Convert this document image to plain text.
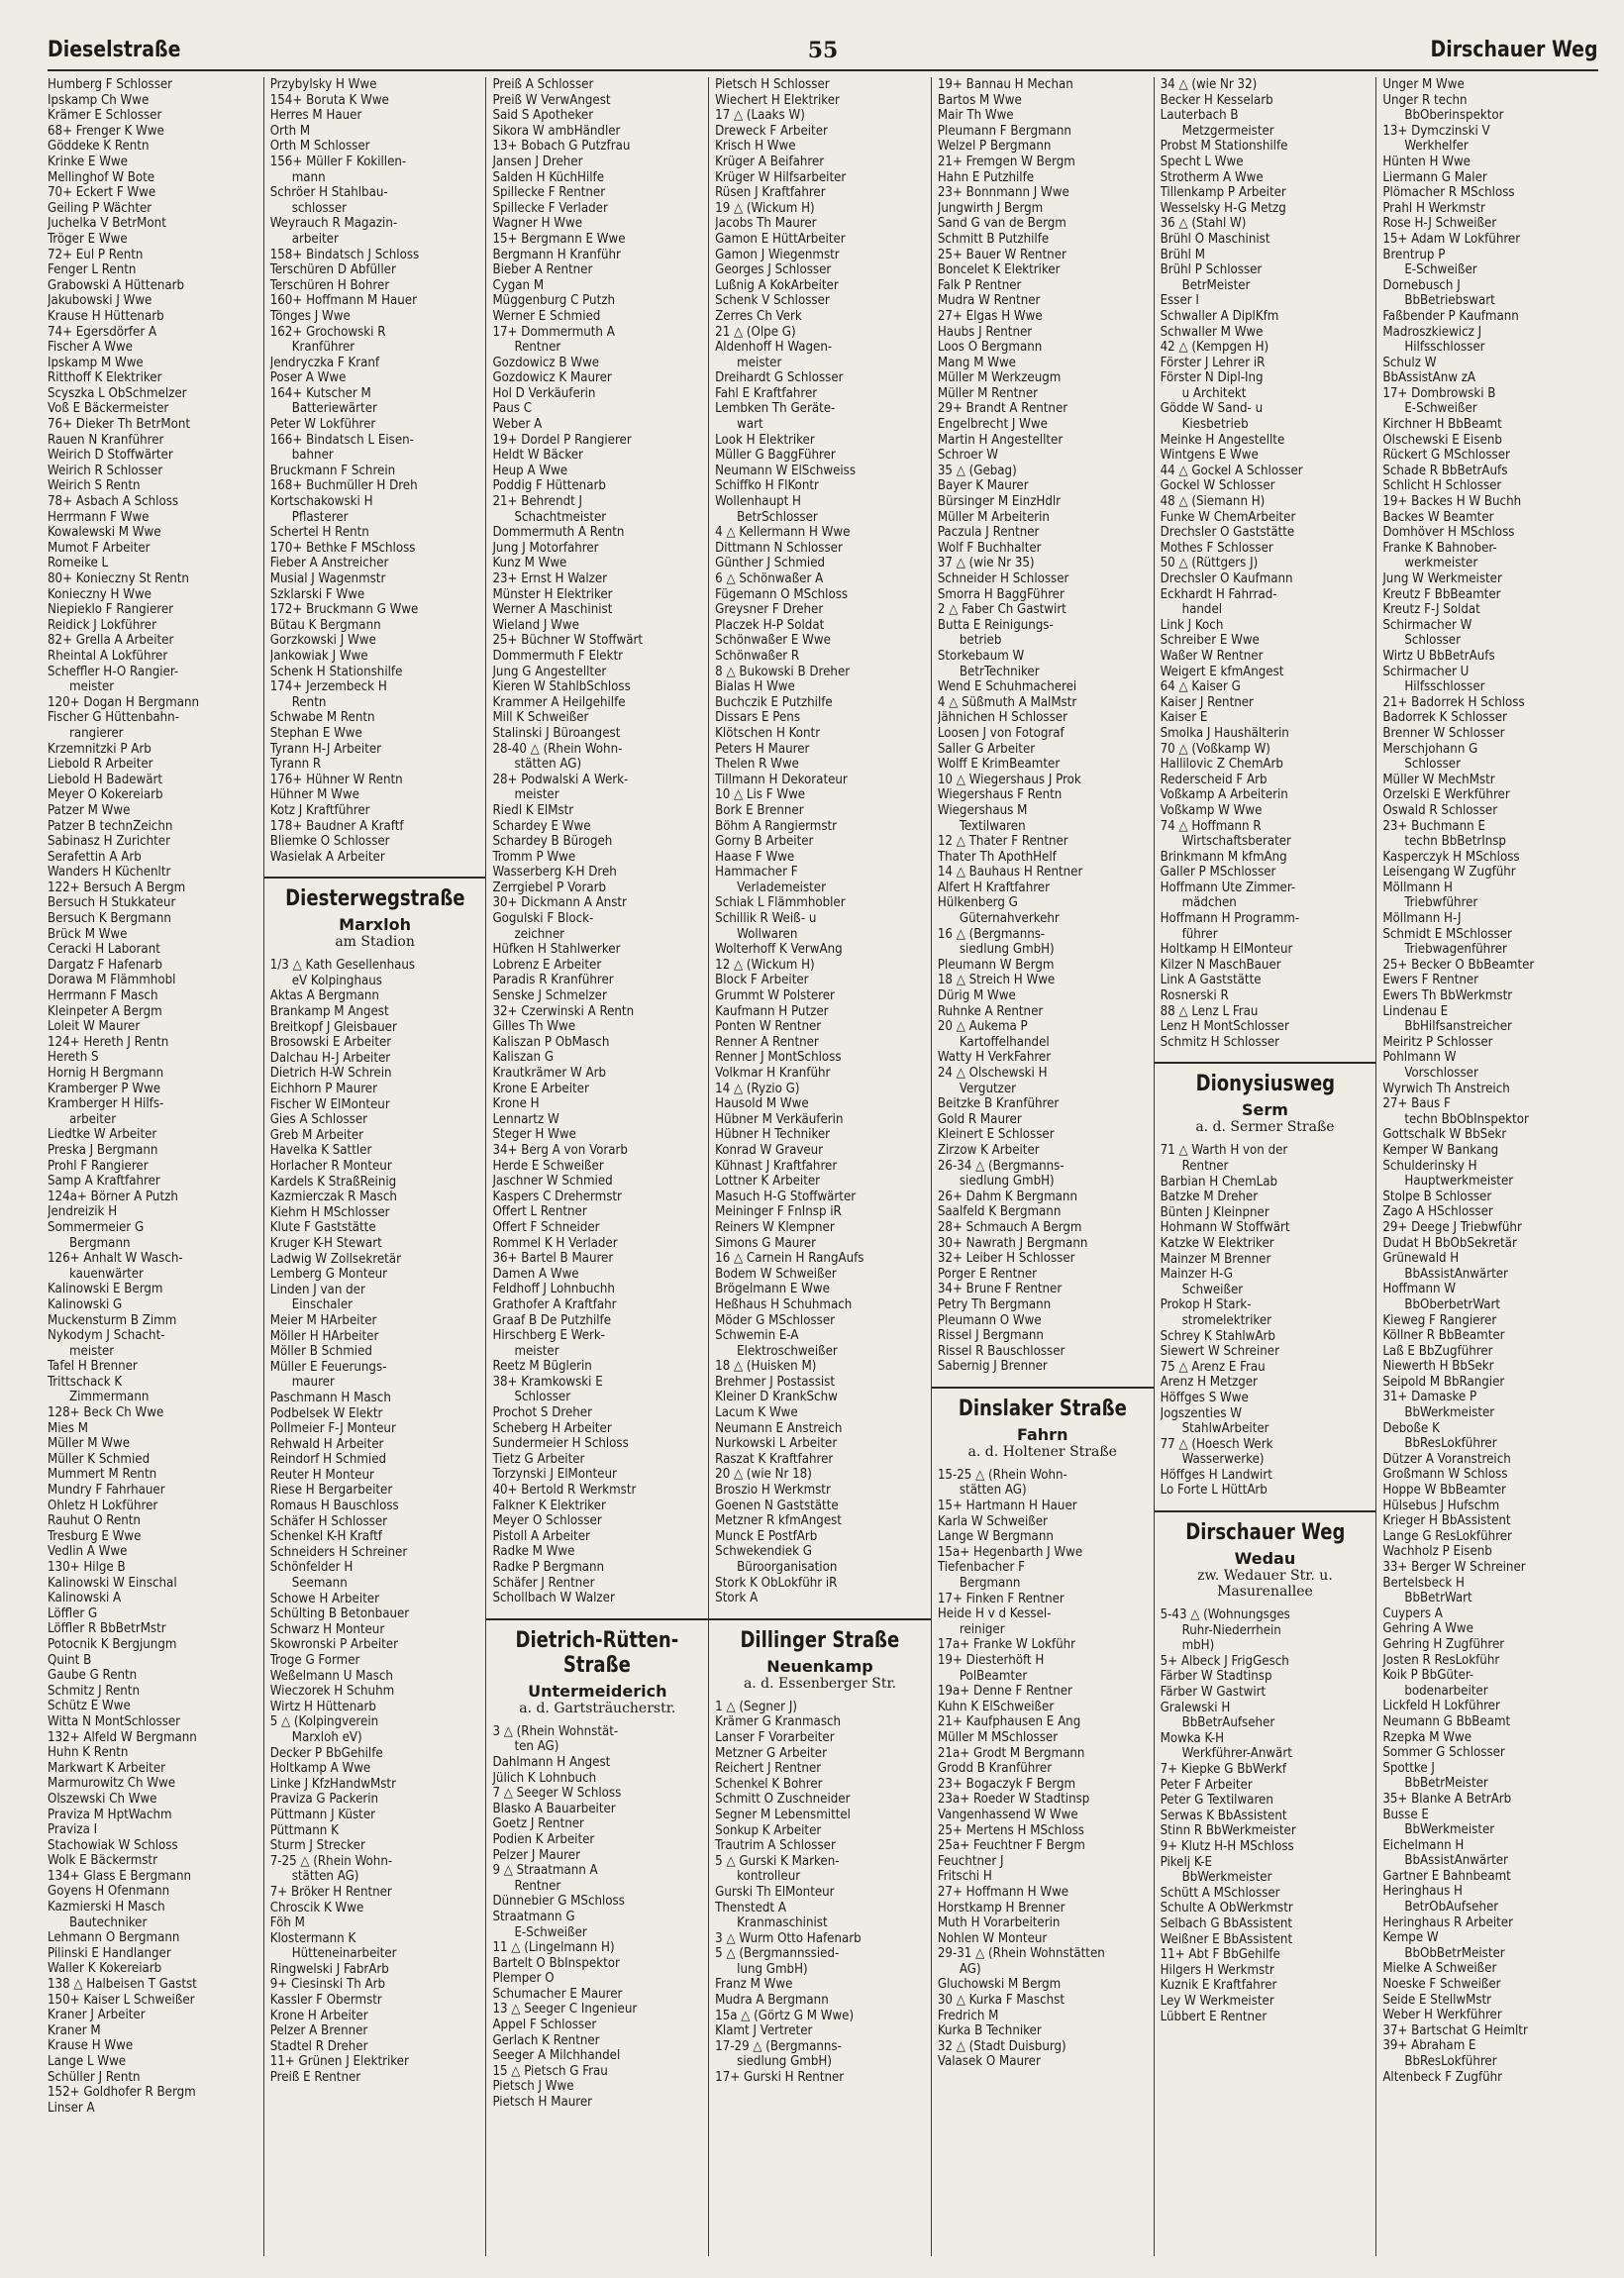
Dieselstraße	55	Dirschauer Weg
Humberg F Schlosser
Ipskamp Ch Wwe
Krämer E Schlosser
68+ Frenger K Wwe
Göddeke K Rentn
Krinke E Wwe
Mellinghof W Bote
70+ Eckert F Wwe
Geiling P Wächter
Juchelka V BetrMont
Tröger E Wwe
72+ Eul P Rentn
Fenger L Rentn
Grabowski A Hüttenarb
Jakubowski J Wwe
Krause H Hüttenarb
74+ Egersdörfer A
Fischer A Wwe
Ipskamp M Wwe
Ritthoff K Elektriker
Scyszka L ObSchmelzer
Voß E Bäckermeister
76+ Dieker Th BetrMont
Rauen N Kranführer
Weirich D Stoffwärter
Weirich R Schlosser
Weirich S Rentn
78+ Asbach A Schloss
Herrmann F Wwe
Kowalewski M Wwe
Mumot F Arbeiter
Romeike L
80+ Konieczny St Rentn
Konieczny H Wwe
Niepieklo F Rangierer
Reidick J Lokführer
82+ Grella A Arbeiter
Rheintal A Lokführer
Scheffler H-O Rangier-
meister
120+ Dogan H Bergmann
Fischer G Hüttenbahn-
rangierer
Krzemnitzki P Arb
Liebold R Arbeiter
Liebold H Badewärt
Meyer O Kokereiarb
Patzer M Wwe
Patzer B technZeichn
Sabinasz H Zurichter
Serafettin A Arb
Wanders H Küchenltr
122+ Bersuch A Bergm
Bersuch H Stukkateur
Bersuch K Bergmann
Brück M Wwe
Ceracki H Laborant
Dargatz F Hafenarb
Dorawa M Flämmhobl
Herrmann F Masch
Kleinpeter A Bergm
Loleit W Maurer
124+ Hereth J Rentn
Hereth S
Hornig H Bergmann
Kramberger P Wwe
Kramberger H Hilfs-
arbeiter
Liedtke W Arbeiter
Preska J Bergmann
Prohl F Rangierer
Samp A Kraftfahrer
124a+ Börner A Putzh
Jendreizik H
Sommermeier G
Bergmann
126+ Anhalt W Wasch-
kauenwärter
Kalinowski E Bergm
Kalinowski G
Muckensturm B Zimm
Nykodym J Schacht-
meister
Tafel H Brenner
Trittschack K
Zimmermann
128+ Beck Ch Wwe
Mies M
Müller M Wwe
Müller K Schmied
Mummert M Rentn
Mundry F Fahrhauer
Ohletz H Lokführer
Rauhut O Rentn
Tresburg E Wwe
Vedlin A Wwe
130+ Hilge B
Kalinowski W Einschal
Kalinowski A
Löffler G
Löffler R BbBetrMstr
Potocnik K Bergjungm
Quint B
Gaube G Rentn
Schmitz J Rentn
Schütz E Wwe
Witta N MontSchlosser
132+ Alfeld W Bergmann
Huhn K Rentn
Markwart K Arbeiter
Marmurowitz Ch Wwe
Olszewski Ch Wwe
Praviza M HptWachm
Praviza I
Stachowiak W Schloss
Wolk E Bäckermstr
134+ Glass E Bergmann
Goyens H Ofenmann
Kazmierski H Masch
Bautechniker
Lehmann O Bergmann
Pilinski E Handlanger
Waller K Kokereiarb
138 △ Halbeisen T Gastst
150+ Kaiser L Schweißer
Kraner J Arbeiter
Kraner M
Krause H Wwe
Lange L Wwe
Schüller J Rentn
152+ Goldhofer R Bergm
Linser A
Przybylsky H Wwe
154+ Boruta K Wwe
Herres M Hauer
Orth M
Orth M Schlosser
156+ Müller F Kokillen-
mann
Schröer H Stahlbau-
schlosser
Weyrauch R Magazin-
arbeiter
158+ Bindatsch J Schloss
Terschüren D Abfüller
Terschüren H Bohrer
160+ Hoffmann M Hauer
Tönges J Wwe
162+ Grochowski R
Kranführer
Jendryczka F Kranf
Poser A Wwe
164+ Kutscher M
Batteriewärter
Peter W Lokführer
166+ Bindatsch L Eisen-
bahner
Bruckmann F Schrein
168+ Buchmüller H Dreh
Kortschakowski H
Pflasterer
Schertel H Rentn
170+ Bethke F MSchloss
Fieber A Anstreicher
Musial J Wagenmstr
Szklarski F Wwe
172+ Bruckmann G Wwe
Bütau K Bergmann
Gorzkowski J Wwe
Jankowiak J Wwe
Schenk H Stationshilfe
174+ Jerzembeck H
Rentn
Schwabe M Rentn
Stephan E Wwe
Tyrann H-J Arbeiter
Tyrann R
176+ Hühner W Rentn
Hühner M Wwe
Kotz J Kraftführer
178+ Baudner A Kraftf
Bliemke O Schlosser
Wasielak A Arbeiter
Diesterwegstraße
Marxloh
am Stadion
1/3 △ Kath Gesellenhaus
eV Kolpinghaus
Aktas A Bergmann
Brankamp M Angest
Breitkopf J Gleisbauer
Brosowski E Arbeiter
Dalchau H-J Arbeiter
Dietrich H-W Schrein
Eichhorn P Maurer
Fischer W ElMonteur
Gies A Schlosser
Greb M Arbeiter
Havelka K Sattler
Horlacher R Monteur
Kardels K StraßReinig
Kazmierczak R Masch
Kiehm H MSchlosser
Klute F Gaststätte
Kruger K-H Stewart
Ladwig W Zollsekretär
Lemberg G Monteur
Linden J van der
Einschaler
Meier M HArbeiter
Möller H HArbeiter
Möller B Schmied
Müller E Feuerungs-
maurer
Paschmann H Masch
Podbelsek W Elektr
Pollmeier F-J Monteur
Rehwald H Arbeiter
Reindorf H Schmied
Reuter H Monteur
Riese H Bergarbeiter
Romaus H Bauschloss
Schäfer H Schlosser
Schenkel K-H Kraftf
Schneiders H Schreiner
Schönfelder H
Seemann
Schowe H Arbeiter
Schülting B Betonbauer
Schwarz H Monteur
Skowronski P Arbeiter
Troge G Former
Weßelmann U Masch
Wieczorek H Schuhm
Wirtz H Hüttenarb
5 △ (Kolpingverein
Marxloh eV)
Decker P BbGehilfe
Holtkamp A Wwe
Linke J KfzHandwMstr
Praviza G Packerin
Püttmann J Küster
Püttmann K
Sturm J Strecker
7-25 △ (Rhein Wohn-
stätten AG)
7+ Bröker H Rentner
Chroscik K Wwe
Föh M
Klostermann K
Hütteneinarbeiter
Ringwelski J FabrArb
9+ Ciesinski Th Arb
Kassler F Obermstr
Krone H Arbeiter
Pelzer A Brenner
Stadtel R Dreher
11+ Grünen J Elektriker
Preiß E Rentner
Preiß A Schlosser
Preiß W VerwAngest
Said S Apotheker
Sikora W ambHändler
13+ Bobach G Putzfrau
Jansen J Dreher
Salden H KüchHilfe
Spillecke F Rentner
Spillecke F Verlader
Wagner H Wwe
15+ Bergmann E Wwe
Bergmann H Kranführ
Bieber A Rentner
Cygan M
Müggenburg C Putzh
Werner E Schmied
17+ Dommermuth A
Rentner
Gozdowicz B Wwe
Gozdowicz K Maurer
Hol D Verkäuferin
Paus C
Weber A
19+ Dordel P Rangierer
Heldt W Bäcker
Heup A Wwe
Poddig F Hüttenarb
21+ Behrendt J
Schachtmeister
Dommermuth A Rentn
Jung J Motorfahrer
Kunz M Wwe
23+ Ernst H Walzer
Münster H Elektriker
Werner A Maschinist
Wieland J Wwe
25+ Büchner W Stoffwärt
Dommermuth F Elektr
Jung G Angestellter
Kieren W StahlbSchloss
Krammer A Heilgehilfe
Mill K Schweißer
Stalinski J Büroangest
28-40 △ (Rhein Wohn-
stätten AG)
28+ Podwalski A Werk-
meister
Riedl K ElMstr
Schardey E Wwe
Schardey B Bürogeh
Tromm P Wwe
Wasserberg K-H Dreh
Zerrgiebel P Vorarb
30+ Dickmann A Anstr
Gogulski F Block-
zeichner
Hüfken H Stahlwerker
Lobrenz E Arbeiter
Paradis R Kranführer
Senske J Schmelzer
32+ Czerwinski A Rentn
Gilles Th Wwe
Kaliszan P ObMasch
Kaliszan G
Krautkrämer W Arb
Krone E Arbeiter
Krone H
Lennartz W
Steger H Wwe
34+ Berg A von Vorarb
Herde E Schweißer
Jaschner W Schmied
Kaspers C Drehermstr
Offert L Rentner
Offert F Schneider
Rommel K H Verlader
36+ Bartel B Maurer
Damen A Wwe
Feldhoff J Lohnbuchh
Grathofer A Kraftfahr
Graaf B De Putzhilfe
Hirschberg E Werk-
meister
Reetz M Büglerin
38+ Kramkowski E
Schlosser
Prochot S Dreher
Scheberg H Arbeiter
Sundermeier H Schloss
Tietz G Arbeiter
Torzynski J ElMonteur
40+ Bertold R Werkmstr
Falkner K Elektriker
Meyer O Schlosser
Pistoll A Arbeiter
Radke M Wwe
Radke P Bergmann
Schäfer J Rentner
Schollbach W Walzer
Dietrich-Rütten-Straße
Untermeiderich
a. d. Gartsträucherstr.
3 △ (Rhein Wohnstät-
ten AG)
Dahlmann H Angest
Jülich K Lohnbuch
7 △ Seeger W Schloss
Blasko A Bauarbeiter
Goetz J Rentner
Podien K Arbeiter
Pelzer J Maurer
9 △ Straatmann A
Rentner
Dünnebier G MSchloss
Straatmann G
E-Schweißer
11 △ (Lingelmann H)
Bartelt O BbInspektor
Plemper O
Schumacher E Maurer
13 △ Seeger C Ingenieur
Appel F Schlosser
Gerlach K Rentner
Seeger A Milchhandel
15 △ Pietsch G Frau
Pietsch J Wwe
Pietsch H Maurer
Pietsch H Schlosser
Wiechert H Elektriker
17 △ (Laaks W)
Dreweck F Arbeiter
Krisch H Wwe
Krüger A Beifahrer
Krüger W Hilfsarbeiter
Rüsen J Kraftfahrer
19 △ (Wickum H)
Jacobs Th Maurer
Gamon E HüttArbeiter
Gamon J Wiegenmstr
Georges J Schlosser
Lußnig A KokArbeiter
Schenk V Schlosser
Zerres Ch Verk
21 △ (Olpe G)
Aldenhoff H Wagen-
meister
Dreihardt G Schlosser
Fahl E Kraftfahrer
Lembken Th Geräte-
wart
Look H Elektriker
Müller G BaggFührer
Neumann W ElSchweiss
Schiffko H FlKontr
Wollenhaupt H
BetrSchlosser
4 △ Kellermann H Wwe
Dittmann N Schlosser
Günther J Schmied
6 △ Schönwaßer A
Fügemann O MSchloss
Greysner F Dreher
Placzek H-P Soldat
Schönwaßer E Wwe
Schönwaßer R
8 △ Bukowski B Dreher
Bialas H Wwe
Buchczik E Putzhilfe
Dissars E Pens
Klötschen H Kontr
Peters H Maurer
Thelen R Wwe
Tillmann H Dekorateur
10 △ Lis F Wwe
Bork E Brenner
Böhm A Rangiermstr
Gorny B Arbeiter
Haase F Wwe
Hammacher F
Verlademeister
Schiak L Flämmhobler
Schillik R Weiß- u
Wollwaren
Wolterhoff K VerwAng
12 △ (Wickum H)
Block F Arbeiter
Grummt W Polsterer
Kaufmann H Putzer
Ponten W Rentner
Renner A Rentner
Renner J MontSchloss
Volkmar H Kranführ
14 △ (Ryzio G)
Hausold M Wwe
Hübner M Verkäuferin
Hübner H Techniker
Konrad W Graveur
Kühnast J Kraftfahrer
Lottner K Arbeiter
Masuch H-G Stoffwärter
Meininger F FnInsp iR
Reiners W Klempner
Simons G Maurer
16 △ Carnein H RangAufs
Bodem W Schweißer
Brögelmann E Wwe
Heßhaus H Schuhmach
Möder G MSchlosser
Schwemin E-A
Elektroschweißer
18 △ (Huisken M)
Brehmer J Postassist
Kleiner D KrankSchw
Lacum K Wwe
Neumann E Anstreich
Nurkowski L Arbeiter
Raszat K Kraftfahrer
20 △ (wie Nr 18)
Broszio H Werkmstr
Goenen N Gaststätte
Metzner R kfmAngest
Munck E PostfArb
Schwekendiek G
Büroorganisation
Stork K ObLokführ iR
Stork A
Dillinger Straße
Neuenkamp
a. d. Essenberger Str.
1 △ (Segner J)
Krämer G Kranmasch
Lanser F Vorarbeiter
Metzner G Arbeiter
Reichert J Rentner
Schenkel K Bohrer
Schmitt O Zuschneider
Segner M Lebensmittel
Sonkup K Arbeiter
Trautrim A Schlosser
5 △ Gurski K Marken-
kontrolleur
Gurski Th ElMonteur
Thenstedt A
Kranmaschinist
3 △ Wurm Otto Hafenarb
5 △ (Bergmannssied-
lung GmbH)
Franz M Wwe
Mudra A Bergmann
15a △ (Görtz G M Wwe)
Klamt J Vertreter
17-29 △ (Bergmanns-
siedlung GmbH)
17+ Gurski H Rentner
19+ Bannau H Mechan
Bartos M Wwe
Mair Th Wwe
Pleumann F Bergmann
Welzel P Bergmann
21+ Fremgen W Bergm
Hahn E Putzhilfe
23+ Bonnmann J Wwe
Jungwirth J Bergm
Sand G van de Bergm
Schmitt B Putzhilfe
25+ Bauer W Rentner
Boncelet K Elektriker
Falk P Rentner
Mudra W Rentner
27+ Elgas H Wwe
Haubs J Rentner
Loos O Bergmann
Mang M Wwe
Müller M Werkzeugm
Müller M Rentner
29+ Brandt A Rentner
Engelbrecht J Wwe
Martin H Angestellter
Schroer W
35 △ (Gebag)
Bayer K Maurer
Bürsinger M EinzHdlr
Müller M Arbeiterin
Paczula J Rentner
Wolf F Buchhalter
37 △ (wie Nr 35)
Schneider H Schlosser
Smorra H BaggFührer
2 △ Faber Ch Gastwirt
Butta E Reinigungs-
betrieb
Storkebaum W
BetrTechniker
Wend E Schuhmacherei
4 △ Süßmuth A MalMstr
Jähnichen H Schlosser
Loosen J von Fotograf
Saller G Arbeiter
Wolff E KrimBeamter
10 △ Wiegershaus J Prok
Wiegershaus F Rentn
Wiegershaus M
Textilwaren
12 △ Thater F Rentner
Thater Th ApothHelf
14 △ Bauhaus H Rentner
Alfert H Kraftfahrer
Hülkenberg G
Güternahverkehr
16 △ (Bergmanns-
siedlung GmbH)
Pleumann W Bergm
18 △ Streich H Wwe
Dürig M Wwe
Ruhnke A Rentner
20 △ Aukema P
Kartoffelhandel
Watty H VerkFahrer
24 △ Olschewski H
Vergutzer
Beitzke B Kranführer
Gold R Maurer
Kleinert E Schlosser
Zirzow K Arbeiter
26-34 △ (Bergmanns-
siedlung GmbH)
26+ Dahm K Bergmann
Saalfeld K Bergmann
28+ Schmauch A Bergm
30+ Nawrath J Bergmann
32+ Leiber H Schlosser
Porger E Rentner
34+ Brune F Rentner
Petry Th Bergmann
Pleumann O Wwe
Rissel J Bergmann
Rissel R Bauschlosser
Sabernig J Brenner
Dinslaker Straße
Fahrn
a. d. Holtener Straße
15-25 △ (Rhein Wohn-
stätten AG)
15+ Hartmann H Hauer
Karla W Schweißer
Lange W Bergmann
15a+ Hegenbarth J Wwe
Tiefenbacher F
Bergmann
17+ Finken F Rentner
Heide H v d Kessel-
reiniger
17a+ Franke W Lokführ
19+ Diesterhöft H
PolBeamter
19a+ Denne F Rentner
Kuhn K ElSchweißer
21+ Kaufphausen E Ang
Müller M MSchlosser
21a+ Grodt M Bergmann
Grodd B Kranführer
23+ Bogaczyk F Bergm
23a+ Roeder W Stadtinsp
Vangenhassend W Wwe
25+ Mertens H MSchloss
25a+ Feuchtner F Bergm
Feuchtner J
Fritschi H
27+ Hoffmann H Wwe
Horstkamp H Brenner
Muth H Vorarbeiterin
Nohlen W Monteur
29-31 △ (Rhein Wohnstätten
AG)
Gluchowski M Bergm
30 △ Kurka F Maschst
Fredrich M
Kurka B Techniker
32 △ (Stadt Duisburg)
Valasek O Maurer
34 △ (wie Nr 32)
Becker H Kesselarb
Lauterbach B
Metzgermeister
Probst M Stationshilfe
Specht L Wwe
Strotherm A Wwe
Tillenkamp P Arbeiter
Wesselsky H-G Metzg
36 △ (Stahl W)
Brühl O Maschinist
Brühl M
Brühl P Schlosser
BetrMeister
Esser I
Schwaller A DiplKfm
Schwaller M Wwe
42 △ (Kempgen H)
Förster J Lehrer iR
Förster N Dipl-Ing
u Architekt
Gödde W Sand- u
Kiesbetrieb
Meinke H Angestellte
Wintgens E Wwe
44 △ Gockel A Schlosser
Gockel W Schlosser
48 △ (Siemann H)
Funke W ChemArbeiter
Drechsler O Gaststätte
Mothes F Schlosser
50 △ (Rüttgers J)
Drechsler O Kaufmann
Eckhardt H Fahrrad-
handel
Link J Koch
Schreiber E Wwe
Waßer W Rentner
Weigert E kfmAngest
64 △ Kaiser G
Kaiser J Rentner
Kaiser E
Smolka J Haushälterin
70 △ (Voßkamp W)
Hallilovic Z ChemArb
Rederscheid F Arb
Voßkamp A Arbeiterin
Voßkamp W Wwe
74 △ Hoffmann R
Wirtschaftsberater
Brinkmann M kfmAng
Galler P MSchlosser
Hoffmann Ute Zimmer-
mädchen
Hoffmann H Programm-
führer
Holtkamp H ElMonteur
Kilzer N MaschBauer
Link A Gaststätte
Rosnerski R
88 △ Lenz L Frau
Lenz H MontSchlosser
Schmitz H Schlosser
Dionysiusweg
Serm
a. d. Sermer Straße
71 △ Warth H von der
Rentner
Barbian H ChemLab
Batzke M Dreher
Bünten J Kleinpner
Hohmann W Stoffwärt
Katzke W Elektriker
Mainzer M Brenner
Mainzer H-G
Schweißer
Prokop H Stark-
stromelektriker
Schrey K StahlwArb
Siewert W Schreiner
75 △ Arenz E Frau
Arenz H Metzger
Höffges S Wwe
Jogszenties W
StahlwArbeiter
77 △ (Hoesch Werk
Wasserwerke)
Höffges H Landwirt
Lo Forte L HüttArb
Dirschauer Weg
Wedau
zw. Wedauer Str. u. Masurenallee
5-43 △ (Wohnungsges
Ruhr-Niederrhein
mbH)
5+ Albeck J FrigGesch
Färber W Stadtinsp
Färber W Gastwirt
Gralewski H
BbBetrAufseher
Mowka K-H
Werkführer-Anwärt
7+ Kiepke G BbWerkf
Peter F Arbeiter
Peter G Textilwaren
Serwas K BbAssistent
Stinn R BbWerkmeister
9+ Klutz H-H MSchloss
Pikelj K-E
BbWerkmeister
Schütt A MSchlosser
Schulte A ObWerkmstr
Selbach G BbAssistent
Weißner E BbAssistent
11+ Abt F BbGehilfe
Hilgers H Werkmstr
Kuznik E Kraftfahrer
Ley W Werkmeister
Lübbert E Rentner
Unger M Wwe
Unger R techn
BbOberinspektor
13+ Dymczinski V
Werkhelfer
Hünten H Wwe
Liermann G Maler
Plömacher R MSchloss
Prahl H Werkmstr
Rose H-J Schweißer
15+ Adam W Lokführer
Brentrup P
E-Schweißer
Dornebusch J
BbBetriebswart
Faßbender P Kaufmann
Madroszkiewicz J
Hilfsschlosser
Schulz W
BbAssistAnw zA
17+ Dombrowski B
E-Schweißer
Kirchner H BbBeamt
Olschewski E Eisenb
Rückert G MSchlosser
Schade R BbBetrAufs
Schlicht H Schlosser
19+ Backes H W Buchh
Backes W Beamter
Domhöver H MSchloss
Franke K Bahnober-
werkmeister
Jung W Werkmeister
Kreutz F BbBeamter
Kreutz F-J Soldat
Schirmacher W
Schlosser
Wirtz U BbBetrAufs
Schirmacher U
Hilfsschlosser
21+ Badorrek H Schloss
Badorrek K Schlosser
Brenner W Schlosser
Merschjohann G
Schlosser
Müller W MechMstr
Orzelski E Werkführer
Oswald R Schlosser
23+ Buchmann E
techn BbBetrInsp
Kasperczyk H MSchloss
Leisengang W Zugführ
Möllmann H
Triebwführer
Möllmann H-J
Schmidt E MSchlosser
Triebwagenführer
25+ Becker O BbBeamter
Ewers F Rentner
Ewers Th BbWerkmstr
Lindenau E
BbHilfsanstreicher
Meiritz P Schlosser
Pohlmann W
Vorschlosser
Wyrwich Th Anstreich
27+ Baus F
techn BbObInspektor
Gottschalk W BbSekr
Kemper W Bankang
Schulderinsky H
Hauptwerkmeister
Stolpe B Schlosser
Zago A HSchlosser
29+ Deege J Triebwführ
Dudat H BbObSekretär
Grünewald H
BbAssistAnwärter
Hoffmann W
BbOberbetrWart
Kieweg F Rangierer
Köllner R BbBeamter
Laß E BbZugführer
Niewerth H BbSekr
Seipold M BbRangier
31+ Damaske P
BbWerkmeister
Deboße K
BbResLokführer
Dützer A Voranstreich
Großmann W Schloss
Hoppe W BbBeamter
Hülsebus J Hufschm
Krieger H BbAssistent
Lange G ResLokführer
Wachholz P Eisenb
33+ Berger W Schreiner
Bertelsbeck H
BbBetrWart
Cuypers A
Gehring A Wwe
Gehring H Zugführer
Josten R ResLokführ
Koik P BbGüter-
bodenarbeiter
Lickfeld H Lokführer
Neumann G BbBeamt
Rzepka M Wwe
Sommer G Schlosser
Spottke J
BbBetrMeister
35+ Blanke A BetrArb
Busse E
BbWerkmeister
Eichelmann H
BbAssistAnwärter
Gartner E Bahnbeamt
Heringhaus H
BetrObAufseher
Heringhaus R Arbeiter
Kempe W
BbObBetrMeister
Mielke A Schweißer
Noeske F Schweißer
Seide E StellwMstr
Weber H Werkführer
37+ Bartschat G Heimltr
39+ Abraham E
BbResLokführer
Altenbeck F Zugführ
